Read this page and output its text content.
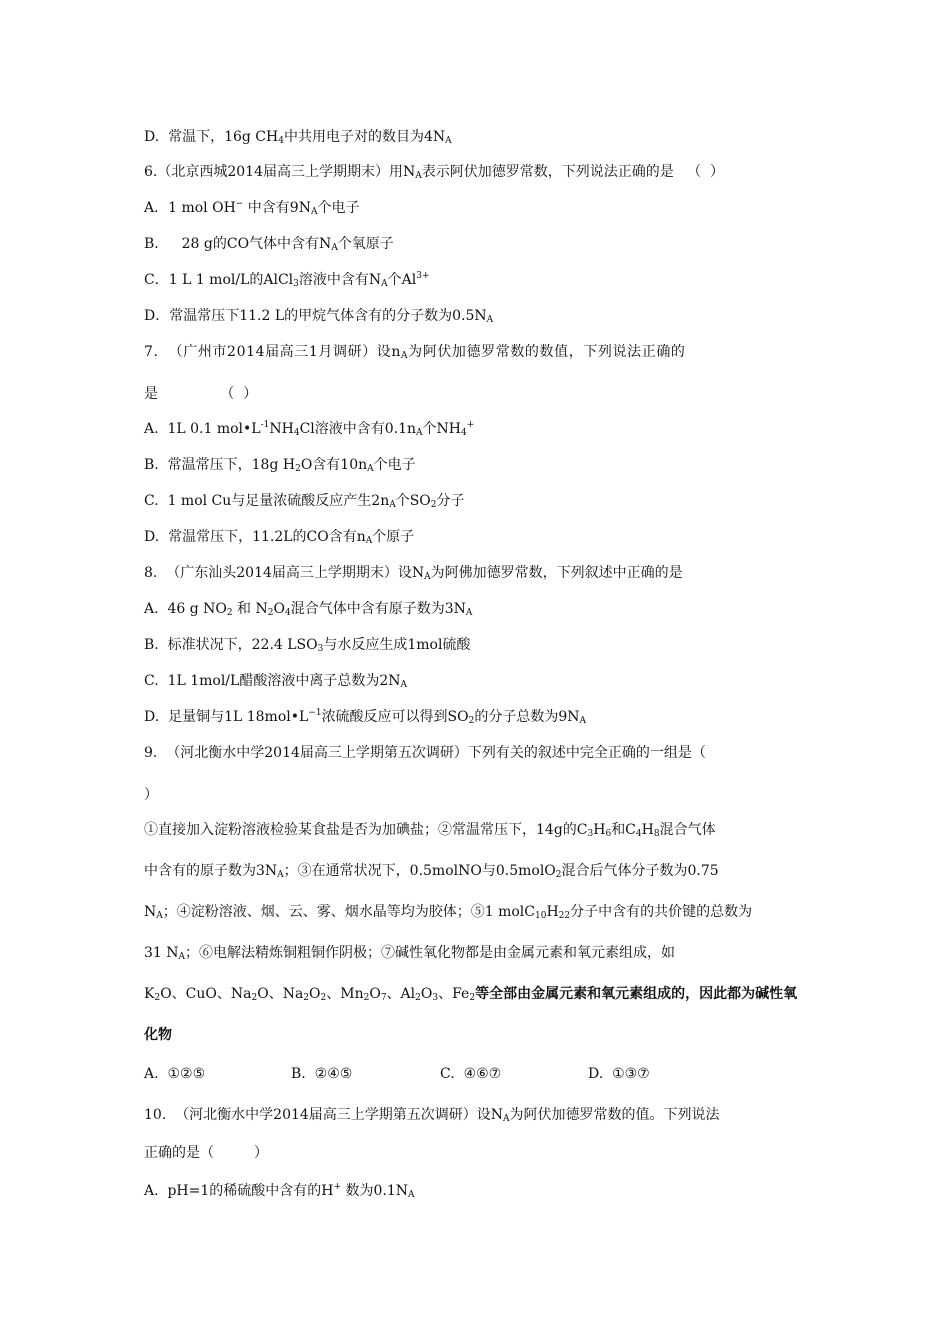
D.  常温下，16g $CH_4$中共用电子对的数目为$4N_A$
6.（北京西城2014届高三上学期期末）用$N_A$表示阿伏加德罗常数，下列说法正确的是   （  ）
A．1 mol OH− 中含有$9N_A$个电子
B．   28 g的CO气体中含有$N_A$个氧原子
C．1 L 1 mol/L的AlCl$_3$溶液中含有$N_A$个$Al^{3+}$
D．常温常压下11.2 L的甲烷气体含有的分子数为$0.5N_A$
7.  （广州市2014届高三1月调研）设$n_A$为阿伏加德罗常数的数值，下列说法正确的
是              （  ）
A.  1L 0.1 $mol•L^{-1}NH_4Cl$溶液中含有$0.1n_A$个$NH_4^+$
B.  常温常压下，18g $H_2O$含有$10n_A$个电子
C.  1 mol Cu与足量浓硫酸反应产生$2n_A$个$SO_2$分子
D.  常温常压下，11.2L的CO含有$n_A$个原子
8.  （广东汕头2014届高三上学期期末）设$N_A$为阿佛加德罗常数，下列叙述中正确的是
A.  46 g $NO_2$ 和 $N_2O_4$混合气体中含有原子数为$3N_A$
B.  标准状况下，22.4 $LSO_3$与水反应生成1mol硫酸
C.  1L 1mol/L醋酸溶液中离子总数为$2N_A$
D.  足量铜与1L $18mol•L^{-1}$浓硫酸反应可以得到$SO_2$的分子总数为$9N_A$
9.  （河北衡水中学2014届高三上学期第五次调研）下列有关的叙述中完全正确的一组是（
）
①直接加入淀粉溶液检验某食盐是否为加碘盐；②常温常压下，14g的$C_3H_6$和$C_4H_8$混合气体
中含有的原子数为$3N_A$；③在通常状况下，0.5molNO与0.5molO$_2$混合后气体分子数为0.75
$N_A$；④淀粉溶液、烟、云、雾、烟水晶等均为胶体；⑤1 $molC_{10}H_{22}$分子中含有的共价键的总数为
31 $N_A$；⑥电解法精炼铜粗铜作阴极；⑦碱性氧化物都是由金属元素和氧元素组成，如
$K_2O$、CuO、$Na_2O$、$Na_2O_2$、$Mn_2O_7$、$Al_2O_3$、$Fe_2$等全部由金属元素和氧元素组成的，因此都为碱性氧
化物
A.  ①②⑤	B.  ②④⑤	C.  ④⑥⑦	D.  ①③⑦
10.  （河北衡水中学2014届高三上学期第五次调研）设$N_A$为阿伏加德罗常数的值。下列说法
正确的是（         ）
A.  pH=1的稀硫酸中含有的H+ 数为$0.1N_A$
